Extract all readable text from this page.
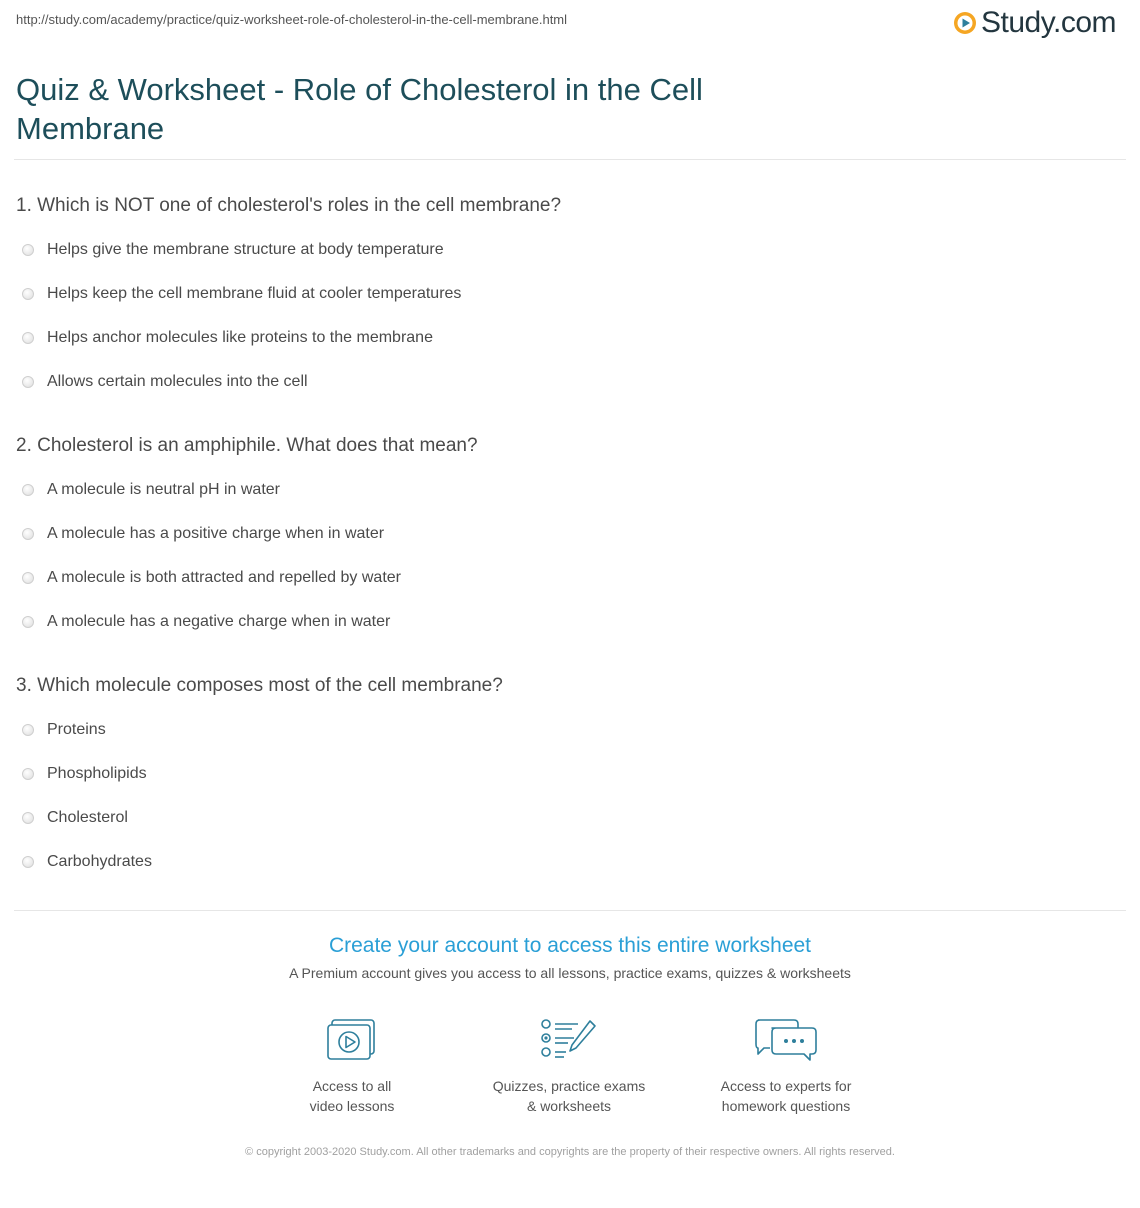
http://study.com/academy/practice/quiz-worksheet-role-of-cholesterol-in-the-cell-membrane.html	Study.com
Quiz & Worksheet - Role of Cholesterol in the Cell Membrane
1. Which is NOT one of cholesterol's roles in the cell membrane?
Helps give the membrane structure at body temperature
Helps keep the cell membrane fluid at cooler temperatures
Helps anchor molecules like proteins to the membrane
Allows certain molecules into the cell
2. Cholesterol is an amphiphile. What does that mean?
A molecule is neutral pH in water
A molecule has a positive charge when in water
A molecule is both attracted and repelled by water
A molecule has a negative charge when in water
3. Which molecule composes most of the cell membrane?
Proteins
Phospholipids
Cholesterol
Carbohydrates
Create your account to access this entire worksheet

A Premium account gives you access to all lessons, practice exams, quizzes & worksheets

Access to all
video lessons
Quizzes, practice exams
& worksheets
Access to experts for
homework questions

© copyright 2003-2020 Study.com. All other trademarks and copyrights are the property of their respective owners. All rights reserved.
